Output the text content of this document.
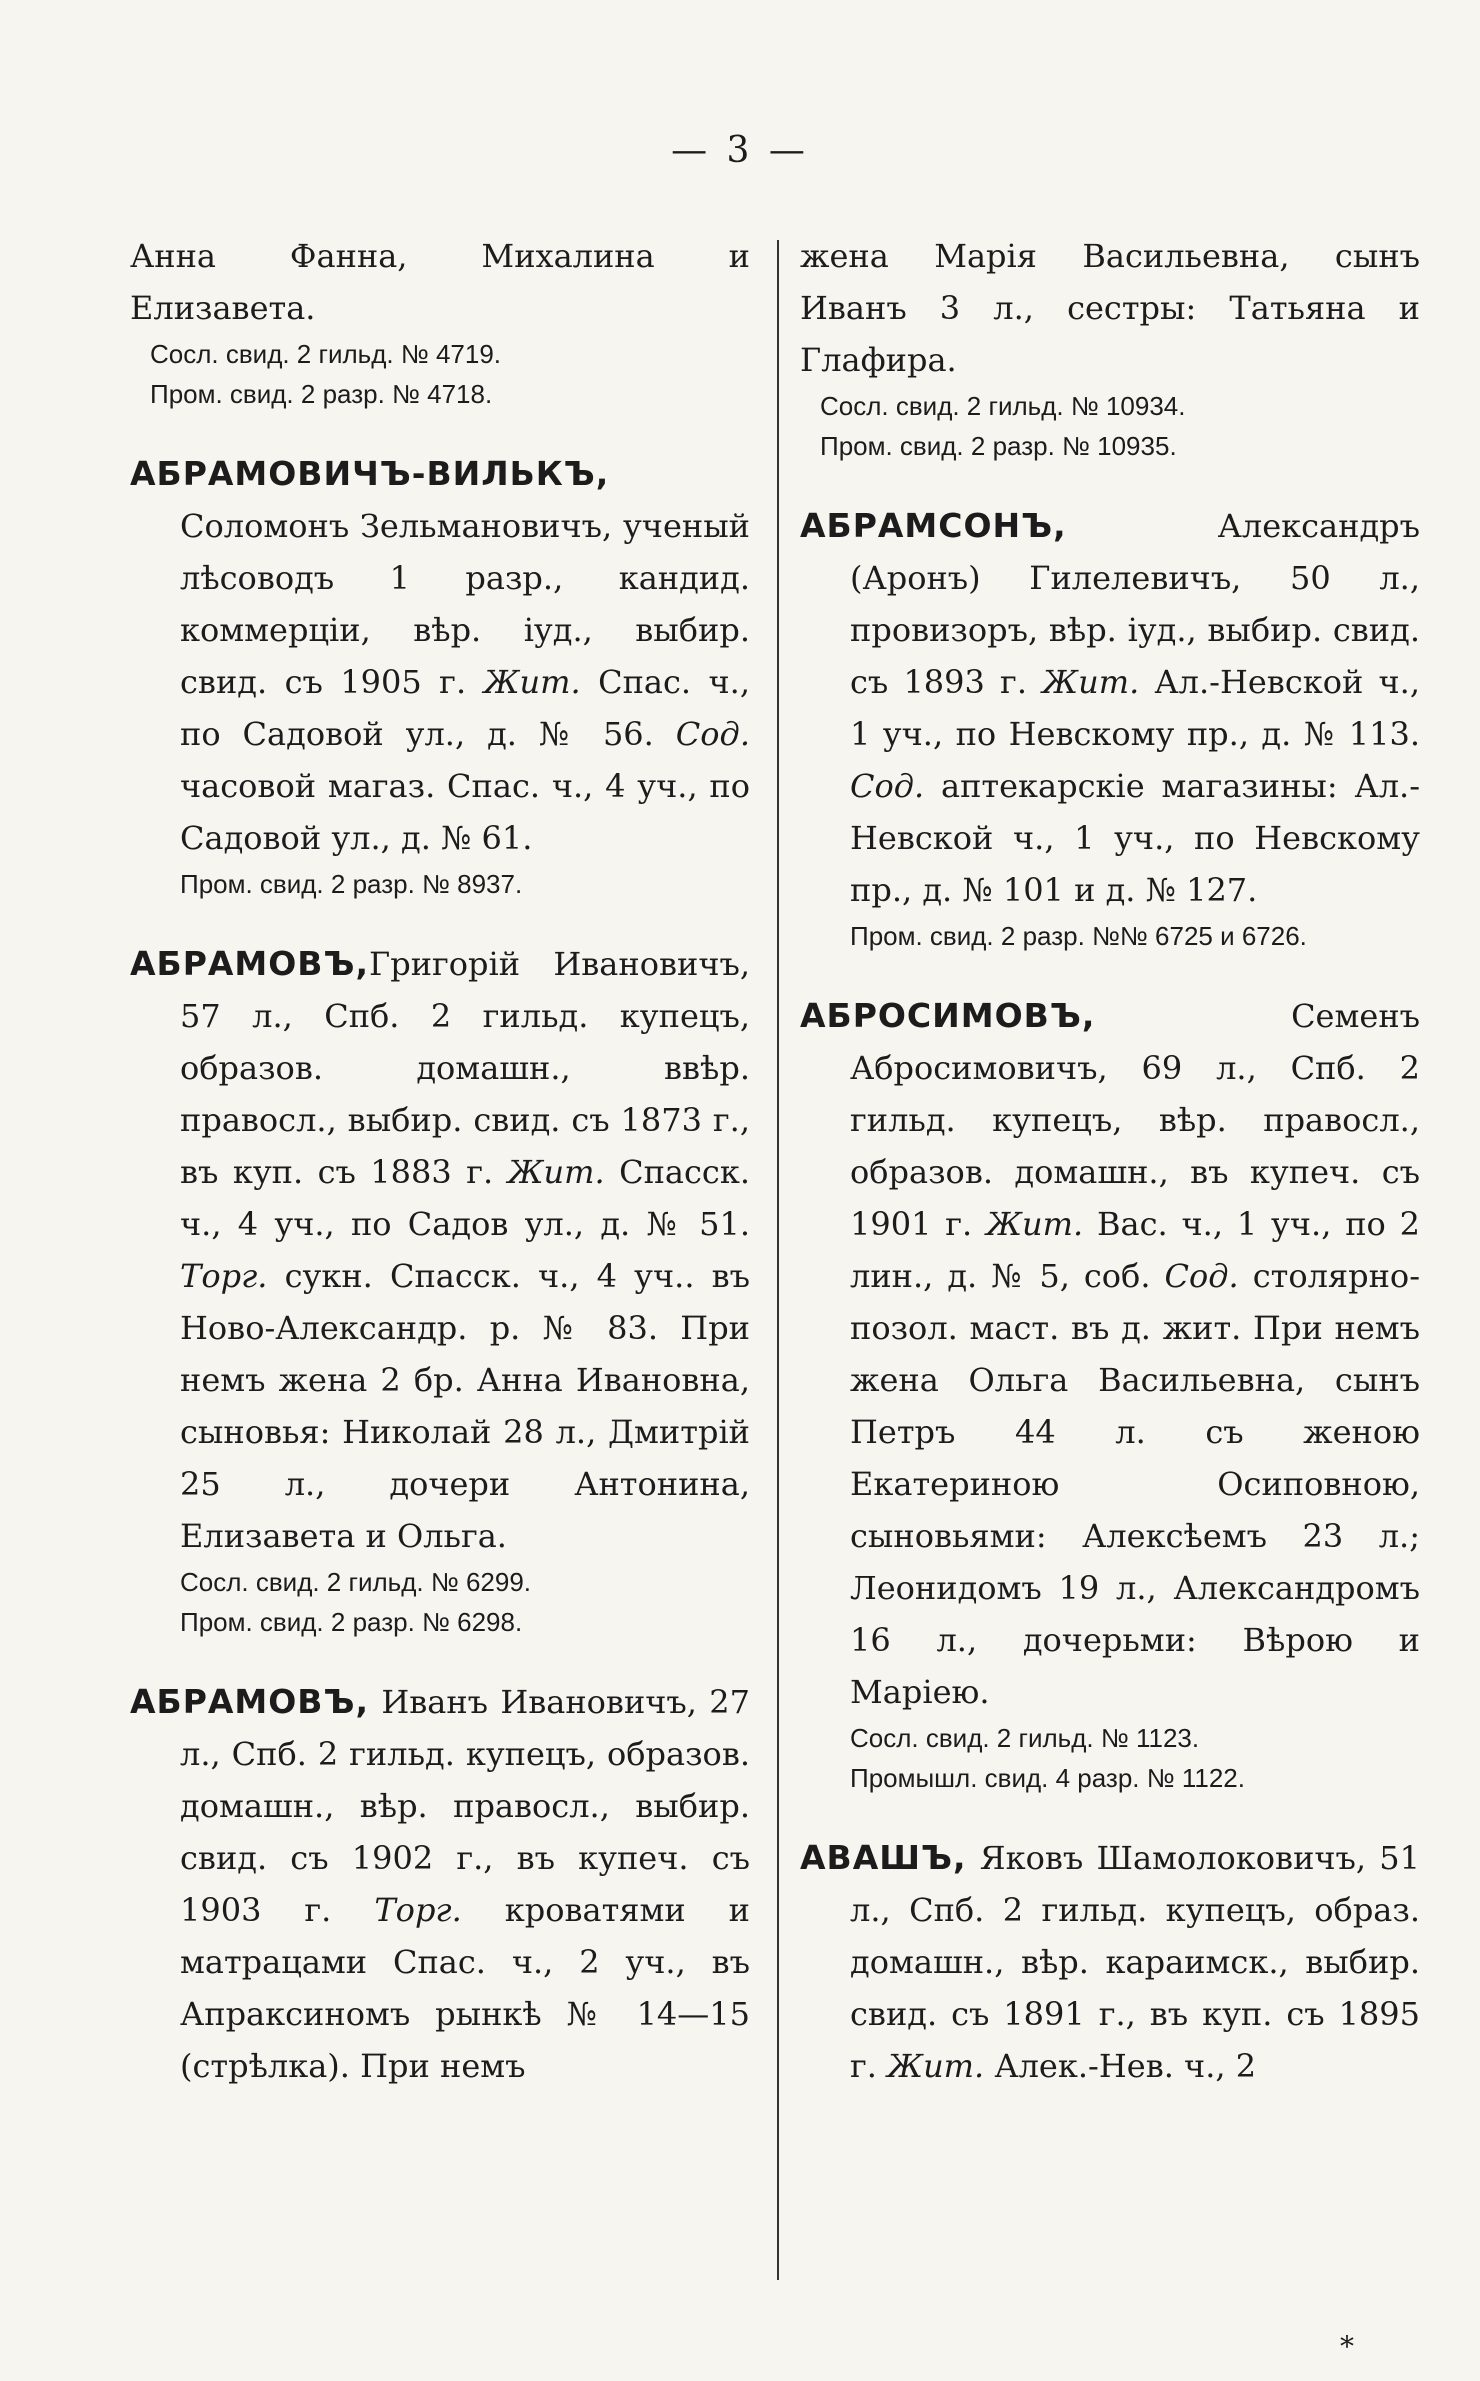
— 3 —

Анна Фанна, Михалина и Елизавета.

Сосл. свид. 2 гильд. № 4719.

Пром. свид. 2 разр. № 4718.

АБРАМОВИЧЪ-ВИЛЬКЪ, Соломонъ Зельмановичъ, ученый лѣсоводъ 1 разр., кандид. коммерціи, вѣр. іуд., выбир. свид. съ 1905 г. Жит. Спас. ч., по Садовой ул., д. № 56. Сод. часовой магаз. Спас. ч., 4 уч., по Садовой ул., д. № 61.

Пром. свид. 2 разр. № 8937.

АБРАМОВЪ,Григорій Ивановичъ, 57 л., Спб. 2 гильд. купецъ, образов. домашн., ввѣр. правосл., выбир. свид. съ 1873 г., въ куп. съ 1883 г. Жит. Спасск. ч., 4 уч., по Садов ул., д. № 51. Торг. сукн. Спасск. ч., 4 уч.. въ Ново-Александр. р. № 83. При немъ жена 2 бр. Анна Ивановна, сыновья: Николай 28 л., Дмитрій 25 л., дочери Антонина, Елизавета и Ольга.

Сосл. свид. 2 гильд. № 6299.

Пром. свид. 2 разр. № 6298.

АБРАМОВЪ, Иванъ Ивановичъ, 27 л., Спб. 2 гильд. купецъ, образов. домашн., вѣр. правосл., выбир. свид. съ 1902 г., въ купеч. съ 1903 г. Торг. кроватями и матрацами Спас. ч., 2 уч., въ Апраксиномъ рынкѣ № 14—15 (стрѣлка). При немъ

жена Марія Васильевна, сынъ Иванъ 3 л., сестры: Татьяна и Глафира.

Сосл. свид. 2 гильд. № 10934.

Пром. свид. 2 разр. № 10935.

АБРАМСОНЪ, Александръ (Аронъ) Гилелевичъ, 50 л., провизоръ, вѣр. іуд., выбир. свид. съ 1893 г. Жит. Ал.-Невской ч., 1 уч., по Невскому пр., д. № 113. Сод. аптекарскіе магазины: Ал.-Невской ч., 1 уч., по Невскому пр., д. № 101 и д. № 127.

Пром. свид. 2 разр. №№ 6725 и 6726.

АБРОСИМОВЪ, Семенъ Абросимовичъ, 69 л., Спб. 2 гильд. купецъ, вѣр. правосл., образов. домашн., въ купеч. съ 1901 г. Жит. Вас. ч., 1 уч., по 2 лин., д. № 5, соб. Сод. столярно-позол. маст. въ д. жит. При немъ жена Ольга Васильевна, сынъ Петръ 44 л. съ женою Екатериною Осиповною, сыновьями: Алексѣемъ 23 л.; Леонидомъ 19 л., Александромъ 16 л., дочерьми: Вѣрою и Маріею.

Сосл. свид. 2 гильд. № 1123.

Промышл. свид. 4 разр. № 1122.

АВАШЪ, Яковъ Шамолоковичъ, 51 л., Спб. 2 гильд. купецъ, образ. домашн., вѣр. караимск., выбир. свид. съ 1891 г., въ куп. съ 1895 г. Жит. Алек.-Нев. ч., 2

*
